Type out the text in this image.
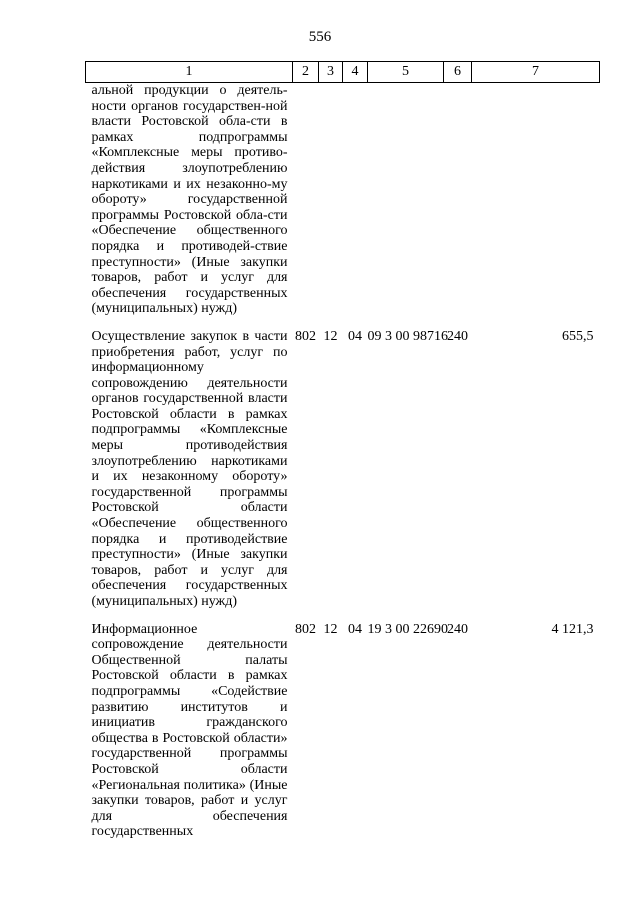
556
1	2	3	4	5	6	7
альной продукции о деятель-ности органов государствен-ной власти Ростовской обла-сти в рамках подпрограммы «Комплексные меры противо-действия злоупотреблению наркотиками и их незаконно-му обороту» государственной программы Ростовской обла-сти «Обеспечение общественного порядка и противодей-ствие преступности» (Иные закупки товаров, работ и услуг для обеспечения государственных (муниципальных) нужд)						
Осуществление закупок в части приобретения работ, услуг по информационному сопровождению деятельности органов государственной власти Ростовской области в рамках подпрограммы «Комплексные меры противодействия злоупотреблению наркотиками и их незаконному обороту» государственной программы Ростовской области «Обеспечение общественного порядка и противодействие преступности» (Иные закупки товаров, работ и услуг для обеспечения государственных (муниципальных) нужд)	802	12	04	09 3 00 98716	240	655,5
Информационное сопровождение деятельности Общественной палаты Ростовской области в рамках подпрограммы «Содействие развитию институтов и инициатив гражданского общества в Ростовской области» государственной программы Ростовской области «Региональная политика» (Иные закупки товаров, работ и услуг для обеспечения государственных	802	12	04	19 3 00 22690	240	4 121,3
